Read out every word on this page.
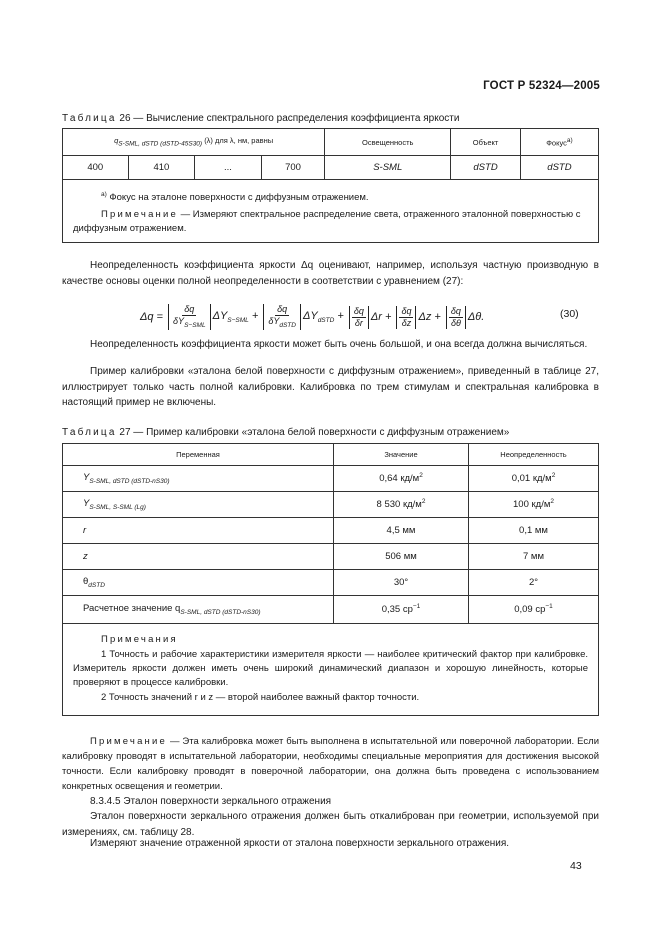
ГОСТ Р 52324—2005
Таблица 26 — Вычисление спектрального распределения коэффициента яркости
$q_{S-SML, dSTD (dSTD-45S30)}$ (λ) для λ, нм, равны				Освещенность	Объект	Фокус$^{а)}$
400	410	...	700	S-SML	dSTD	dSTD

$^{а)}$ Фокус на эталоне поверхности с диффузным отражением.
Примечание — Измеряют спектральное распределение света, отраженного эталонной поверхностью с диффузным отражением.						
Неопределенность коэффициента яркости Δq оценивают, например, используя частную производную в качестве основы оценки полной неопределенности в соответствии с уравнением (27):
$\Delta q = \frac{\delta q}{\delta Y_{S-SML}} \Delta Y_{S-SML} + \frac{\delta q}{\delta Y_{dSTD}} \Delta Y_{dSTD} + \frac{\delta q}{\delta r}$ $\Delta r + \frac{\delta q}{\delta z}$ $\Delta z + \frac{\delta q}{\delta\theta} \Delta\theta$.	(30)
Неопределенность коэффициента яркости может быть очень большой, и она всегда должна вычисляться.
Пример калибровки «эталона белой поверхности с диффузным отражением», приведенный в таблице 27, иллюстрирует только часть полной калибровки. Калибровка по трем стимулам и спектральная калибровка в настоящий пример не включены.
Таблица 27 — Пример калибровки «эталона белой поверхности с диффузным отражением»
Переменная	Значение	Неопределенность
$Y_{S-SML, dSTD (dSTD-nS30)}$	0,64 $кд/м^2$	0,01 $кд/м^2$
$Y_{S-SML, S-SML (Lg)}$	8 530 $кд/м^2$	100 $кд/м^2$
r	4,5 мм	0,1 мм
z	506 мм	7 мм
$\theta_{dSTD}$	30°	2°
Расчетное значение $q_{S-SML, dSTD (dSTD-nS30)}$	0,35 $ср^{-1}$	0,09 $ср^{-1}$

Примечания
1 Точность и рабочие характеристики измерителя яркости — наиболее критический фактор при калибровке. Измеритель яркости должен иметь очень широкий динамический диапазон и хорошую линейность, которые проверяют в процессе калибровки.
2 Точность значений r и z — второй наиболее важный фактор точности.		
Примечание — Эта калибровка может быть выполнена в испытательной или поверочной лаборатории. Если калибровку проводят в испытательной лаборатории, необходимы специальные мероприятия для достижения высокой точности. Если калибровку проводят в поверочной лаборатории, она должна быть проведена с использованием конкретных освещения и геометрии.
8.3.4.5 Эталон поверхности зеркального отражения
Эталон поверхности зеркального отражения должен быть откалиброван при геометрии, используемой при измерениях, см. таблицу 28.
Измеряют значение отраженной яркости от эталона поверхности зеркального отражения.
43
